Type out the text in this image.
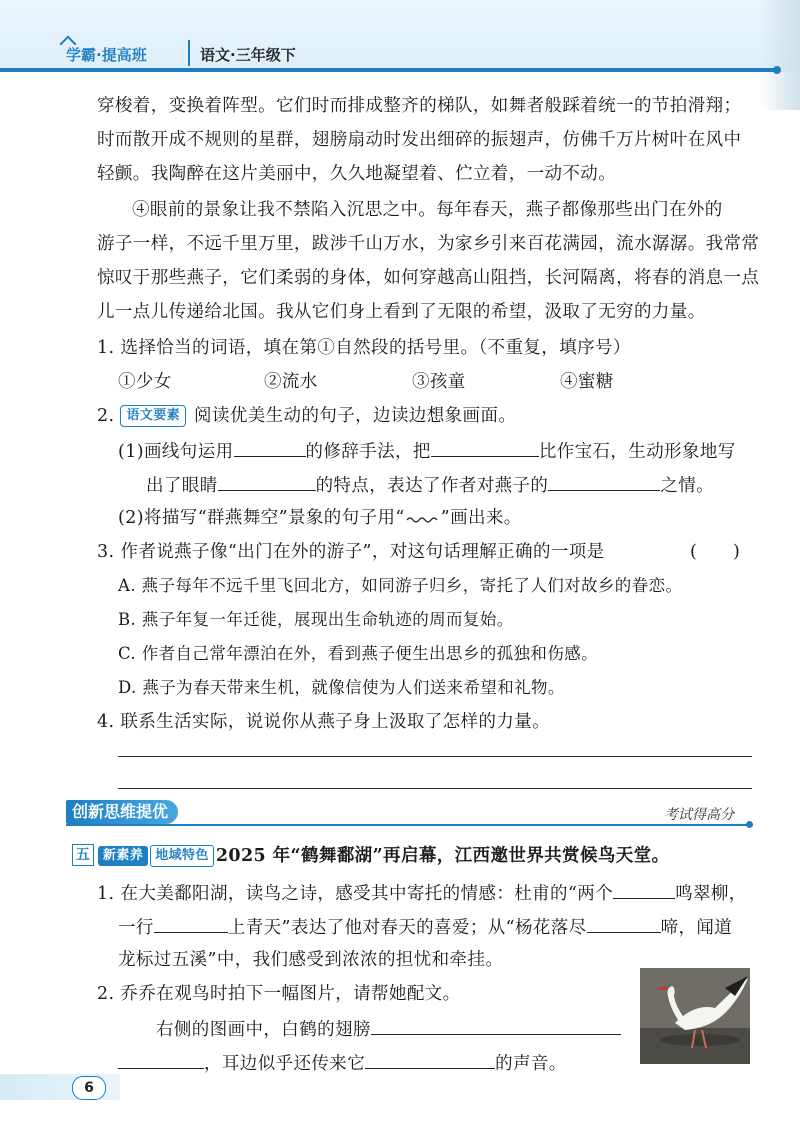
学霸·提高班	语文·三年级下
穿梭着，变换着阵型。它们时而排成整齐的梯队，如舞者般踩着统一的节拍滑翔；
时而散开成不规则的星群，翅膀扇动时发出细碎的振翅声，仿佛千万片树叶在风中
轻颤。我陶醉在这片美丽中，久久地凝望着、伫立着，一动不动。
④眼前的景象让我不禁陷入沉思之中。每年春天，燕子都像那些出门在外的
游子一样，不远千里万里，跋涉千山万水，为家乡引来百花满园，流水潺潺。我常常
惊叹于那些燕子，它们柔弱的身体，如何穿越高山阻挡，长河隔离，将春的消息一点
儿一点儿传递给北国。我从它们身上看到了无限的希望，汲取了无穷的力量。
1. 选择恰当的词语，填在第①自然段的括号里。（不重复，填序号）
①少女	②流水	③孩童	④蜜糖
2. 语文要素 阅读优美生动的句子，边读边想象画面。
(1)画线句运用	的修辞手法，把	比作宝石，生动形象地写
出了眼睛	的特点，表达了作者对燕子的	之情。
(2)将描写“群燕舞空”景象的句子用“ ”画出来。
3. 作者说燕子像“出门在外的游子”，对这句话理解正确的一项是	(　　)
A. 燕子每年不远千里飞回北方，如同游子归乡，寄托了人们对故乡的眷恋。
B. 燕子年复一年迁徙，展现出生命轨迹的周而复始。
C. 作者自己常年漂泊在外，看到燕子便生出思乡的孤独和伤感。
D. 燕子为春天带来生机，就像信使为人们送来希望和礼物。
4. 联系生活实际，说说你从燕子身上汲取了怎样的力量。
创新思维提优	考试得高分
五 新素养 地域特色 2025 年“鹤舞鄱湖”再启幕，江西邀世界共赏候鸟天堂。
1. 在大美鄱阳湖，读鸟之诗，感受其中寄托的情感：杜甫的“两个	鸣翠柳，
一行	上青天”表达了他对春天的喜爱；从“杨花落尽	啼，闻道
龙标过五溪”中，我们感受到浓浓的担忧和牵挂。
2. 乔乔在观鸟时拍下一幅图片，请帮她配文。
右侧的图画中，白鹤的翅膀
，耳边似乎还传来它	的声音。
6
